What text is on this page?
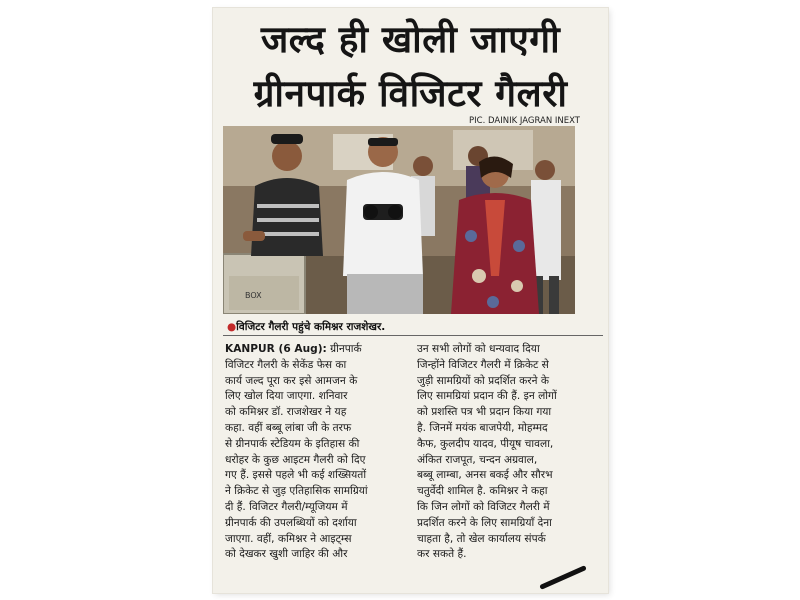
जल्द ही खोली जाएगी
ग्रीनपार्क विजिटर गैलरी
PIC. DAINIK JAGRAN INEXT
BOX
●विजिटर गैलरी पहुंचे कमिश्नर राजशेखर.
KANPUR (6 Aug): ग्रीनपार्क
विजिटर गैलरी के सेकेंड फेस का
कार्य जल्द पूरा कर इसे आमजन के
लिए खोल दिया जाएगा. शनिवार
को कमिश्नर डॉ. राजशेखर ने यह
कहा. वहीं बब्बू लांबा जी के तरफ
से ग्रीनपार्क स्टेडियम के इतिहास की
धरोहर के कुछ आइटम गैलरी को दिए
गए हैं. इससे पहले भी कई शख्सियतों
ने क्रिकेट से जुड़ एतिहासिक सामग्रियां
दी हैं. विजिटर गैलरी/म्यूजियम में
ग्रीनपार्क की उपलब्धियों को दर्शाया
जाएगा. वहीं, कमिश्नर ने आइट्म्स
को देखकर खुशी जाहिर की और
उन सभी लोगों को धन्यवाद दिया
जिन्होंने विजिटर गैलरी में क्रिकेट से
जुड़ी सामग्रियों को प्रदर्शित करने के
लिए सामग्रियां प्रदान की हैं. इन लोगों
को प्रशस्ति पत्र भी प्रदान किया गया
है. जिनमें मयंक बाजपेयी, मोहम्मद
कैफ, कुलदीप यादव, पीयूष चावला,
अंकित राजपूत, चन्दन अग्रवाल,
बब्बू लाम्बा, अनस बकई और सौरभ
चतुर्वेदी शामिल है. कमिश्नर ने कहा
कि जिन लोगों को विजिटर गैलरी में
प्रदर्शित करने के लिए सामग्रियाँ देना
चाहता है, तो खेल कार्यालय संपर्क
कर सकते हैं.
